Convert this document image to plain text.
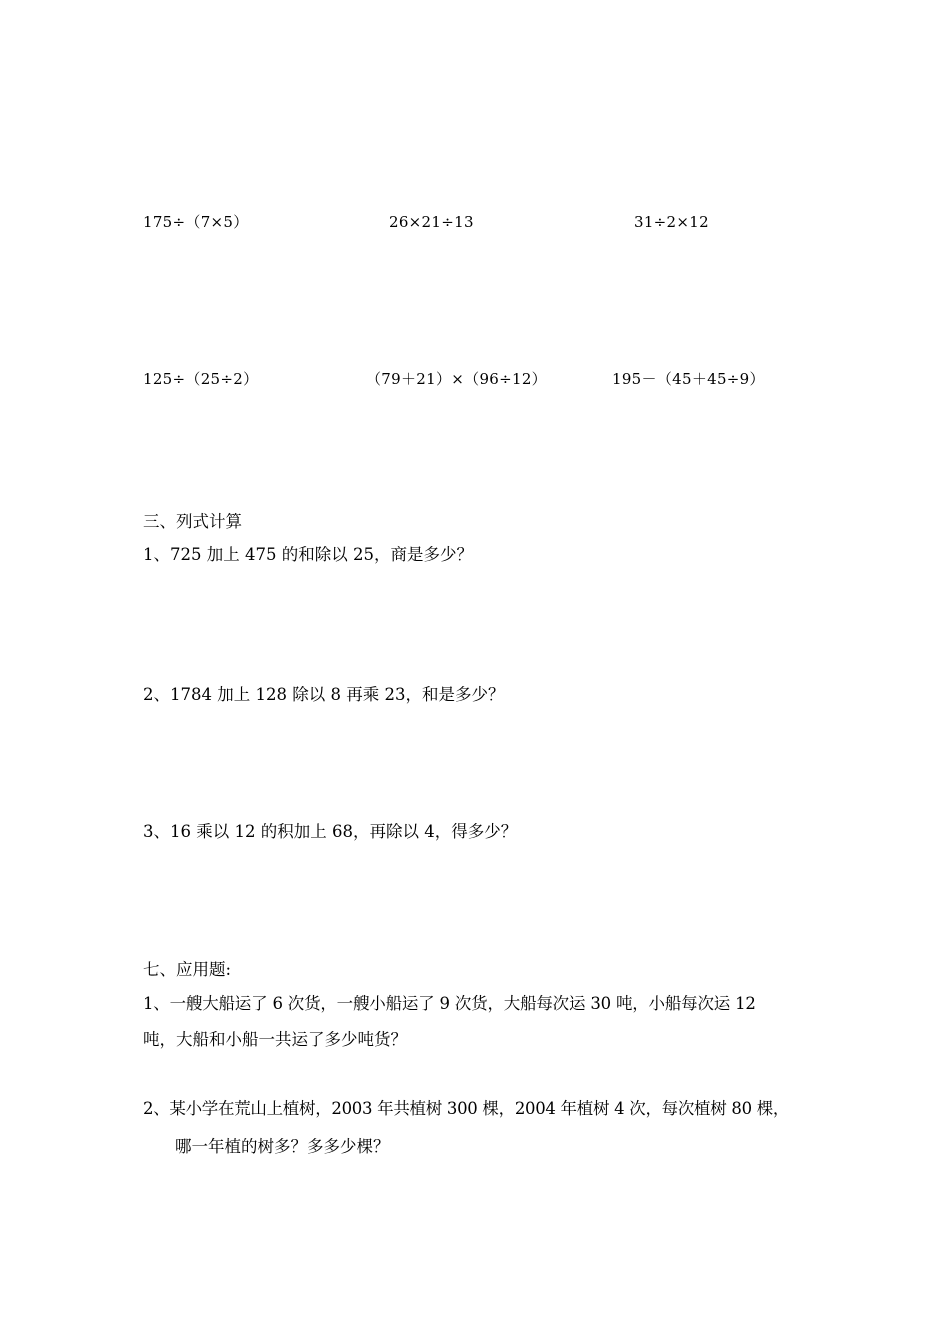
175÷（7×5）	26×21÷13	31÷2×12
125÷（25÷2）	（79＋21）×（96÷12）	195－（45＋45÷9）
三、列式计算
1、725 加上 475 的和除以 25，商是多少？
2、1784 加上 128 除以 8 再乘 23，和是多少？
3、16 乘以 12 的积加上 68，再除以 4，得多少？
七、应用题:
1、一艘大船运了 6 次货，一艘小船运了 9 次货，大船每次运 30 吨，小船每次运 12
吨，大船和小船一共运了多少吨货？
2、某小学在荒山上植树，2003 年共植树 300 棵，2004 年植树 4 次，每次植树 80 棵，
哪一年植的树多？多多少棵？
